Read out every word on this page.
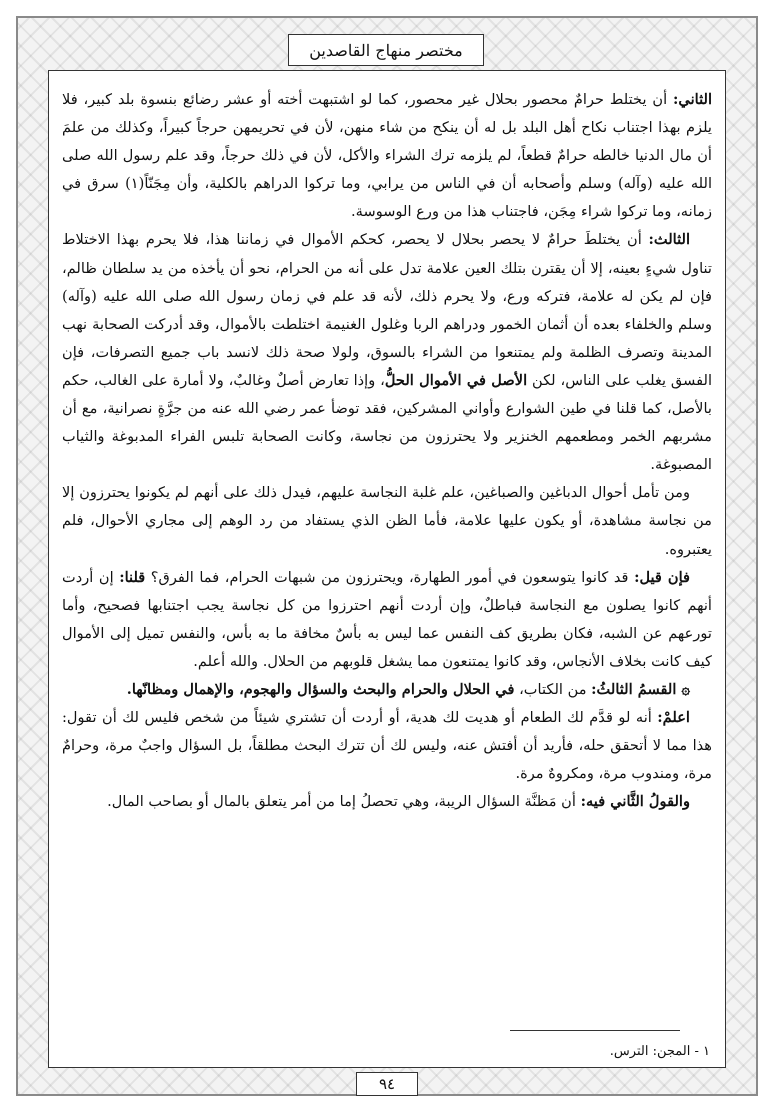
مختصر منهاج القاصدين

الثاني: أن يختلط حرامٌ محصور بحلال غير محصور، كما لو اشتبهت أخته أو عشر رضائع بنسوة بلد كبير، فلا يلزم بهذا اجتناب نكاح أهل البلد بل له أن ينكح من شاء منهن، لأن في تحريمهن حرجاً كبيراً، وكذلك من علمَ أن مال الدنيا خالطه حرامٌ قطعاً، لم يلزمه ترك الشراء والأكل، لأن في ذلك حرجاً، وقد علم رسول الله صلى الله عليه (وآله) وسلم وأصحابه أن في الناس من يرابي، وما تركوا الدراهم بالكلية، وأن مِجَنّاً(١) سرق في زمانه، وما تركوا شراء مِجَن، فاجتناب هذا من ورع الوسوسة.

الثالث: أن يختلطَ حرامٌ لا يحصر بحلال لا يحصر، كحكم الأموال في زماننا هذا، فلا يحرم بهذا الاختلاط تناول شيءٍ بعينه، إلا أن يقترن بتلك العين علامة تدل على أنه من الحرام، نحو أن يأخذه من يد سلطان ظالم، فإن لم يكن له علامة، فتركه ورع، ولا يحرم ذلك، لأنه قد علم في زمان رسول الله صلى الله عليه (وآله) وسلم والخلفاء بعده أن أثمان الخمور ودراهم الربا وغلول الغنيمة اختلطت بالأموال، وقد أدركت الصحابة نهب المدينة وتصرف الظلمة ولم يمتنعوا من الشراء بالسوق، ولولا صحة ذلك لانسد باب جميع التصرفات، فإن الفسق يغلب على الناس، لكن الأصل في الأموال الحلُّ، وإذا تعارض أصلٌ وغالبٌ، ولا أمارة على الغالب، حكم بالأصل، كما قلنا في طين الشوارع وأواني المشركين، فقد توضأ عمر رضي الله عنه من جرَّةٍ نصرانية، مع أن مشربهم الخمر ومطعمهم الخنزير ولا يحترزون من نجاسة، وكانت الصحابة تلبس الفراء المدبوغة والثياب المصبوغة.

ومن تأمل أحوال الدباغين والصباغين، علم غلبة النجاسة عليهم، فيدل ذلك على أنهم لم يكونوا يحترزون إلا من نجاسة مشاهدة، أو يكون عليها علامة، فأما الظن الذي يستفاد من رد الوهم إلى مجاري الأحوال، فلم يعتبروه.

فإن قيل: قد كانوا يتوسعون في أمور الطهارة، ويحترزون من شبهات الحرام، فما الفرق؟ قلنا: إن أردت أنهم كانوا يصلون مع النجاسة فباطلٌ، وإن أردت أنهم احترزوا من كل نجاسة يجب اجتنابها فصحيح، وأما تورعهم عن الشبه، فكان بطريق كف النفس عما ليس به بأسٌ مخافة ما به بأس، والنفس تميل إلى الأموال كيف كانت بخلاف الأنجاس، وقد كانوا يمتنعون مما يشغل قلوبهم من الحلال. والله أعلم.

۞ القسمُ الثالثُ: من الكتاب، في الحلال والحرام والبحث والسؤال والهجوم، والإهمال ومظانّها.

اعلمْ: أنه لو قدَّم لك الطعام أو هديت لك هدية، أو أردت أن تشتري شيئاً من شخص فليس لك أن تقول: هذا مما لا أتحقق حله، فأريد أن أفتش عنه، وليس لك أن تترك البحث مطلقاً، بل السؤال واجبٌ مرة، وحرامٌ مرة، ومندوب مرة، ومكروهٌ مرة.

والقولُ الثَّاني فيه: أن مَظنَّة السؤال الريبة، وهي تحصلُ إما من أمر يتعلق بالمال أو بصاحب المال.

١ - المجن: الترس.
٩٤
